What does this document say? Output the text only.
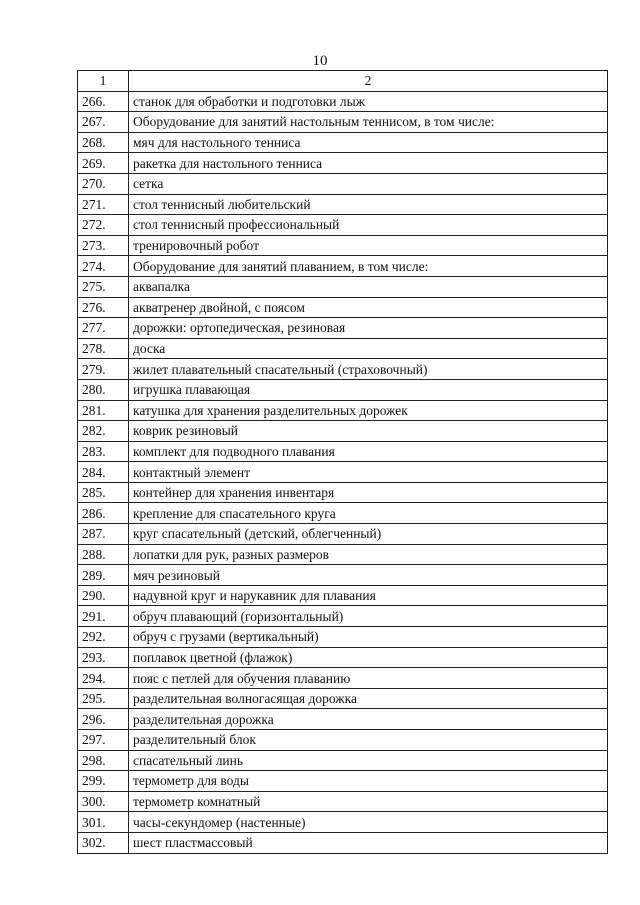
10
1	2
266.	станок для обработки и подготовки лыж
267.	Оборудование для занятий настольным теннисом, в том числе:
268.	мяч для настольного тенниса
269.	ракетка для настольного тенниса
270.	сетка
271.	стол теннисный любительский
272.	стол теннисный профессиональный
273.	тренировочный робот
274.	Оборудование для занятий плаванием, в том числе:
275.	аквапалка
276.	акватренер двойной, с поясом
277.	дорожки: ортопедическая, резиновая
278.	доска
279.	жилет плавательный спасательный (страховочный)
280.	игрушка плавающая
281.	катушка для хранения разделительных дорожек
282.	коврик резиновый
283.	комплект для подводного плавания
284.	контактный элемент
285.	контейнер для хранения инвентаря
286.	крепление для спасательного круга
287.	круг спасательный (детский, облегченный)
288.	лопатки для рук, разных размеров
289.	мяч резиновый
290.	надувной круг и нарукавник для плавания
291.	обруч плавающий (горизонтальный)
292.	обруч с грузами (вертикальный)
293.	поплавок цветной (флажок)
294.	пояс с петлей для обучения плаванию
295.	разделительная волногасящая дорожка
296.	разделительная дорожка
297.	разделительный блок
298.	спасательный линь
299.	термометр для воды
300.	термометр комнатный
301.	часы-секундомер (настенные)
302.	шест пластмассовый
